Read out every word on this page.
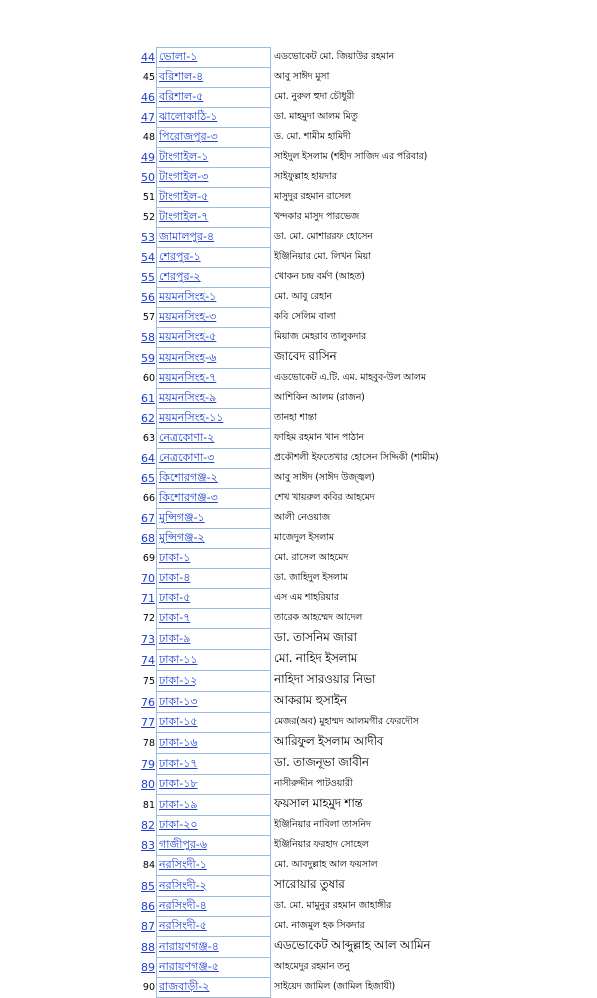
44	ভোলা-১	এডভোকেট মো. জিয়াউর রহমান
45	বরিশাল-৪	আবু সাঈদ মুসা
46	বরিশাল-৫	মো. নুরুল হুদা চৌধুরী
47	ঝালোকাঠি-১	ডা. মাহমুদা আলম মিতু
48	পিরোজপুর-৩	ড. মো. শামীম হামিদী
49	টাংগাইল-১	সাইদুল ইসলাম (শহীদ সাজিদ এর পরিবার)
50	টাংগাইল-৩	সাইফুল্লাহ হায়দার
51	টাংগাইল-৫	মাসুদুর রহমান রাসেল
52	টাংগাইল-৭	খন্দকার মাসুদ পারভেজ
53	জামালপুর-৪	ডা. মো. মোশাররফ হোসেন
54	শেরপুর-১	ইঞ্জিনিয়ার মো. লিখন মিয়া
55	শেরপুর-২	খোকন চন্দ্র বর্মণ (আহত)
56	ময়মনসিংহ-১	মো. আবু রেহান
57	ময়মনসিংহ-৩	কবি সেলিম বালা
58	ময়মনসিংহ-৫	মিয়াজ মেহরাব তালুকদার
59	ময়মনসিংহ-৬	জাবেদ রাসিন
60	ময়মনসিংহ-৭	এডভোকেট এ.টি. এম. মাহবুব-উল আলম
61	ময়মনসিংহ-৯	আশিকিন আলম (রাজন)
62	ময়মনসিংহ-১১	তানহা শান্তা
63	নেত্রকোণা-২	ফাহিম রহমান খান পাঠান
64	নেত্রকোণা-৩	প্রকৌশলী ইফতেখার হোসেন সিদ্দিকী (শামীম)
65	কিশোরগঞ্জ-২	আবু সাঈদ (সাঈদ উজ্জ্বল)
66	কিশোরগঞ্জ-৩	শেখ খায়রুল কবির আহমেদ
67	মুন্সিগঞ্জ-১	আলী নেওয়াজ
68	মুন্সিগঞ্জ-২	মাজেদুল ইসলাম
69	ঢাকা-১	মো. রাসেল আহমেদ
70	ঢাকা-৪	ডা. জাহিদুল ইসলাম
71	ঢাকা-৫	এস এম শাহরিয়ার
72	ঢাকা-৭	তারেক আহম্মেদ আদেল
73	ঢাকা-৯	ডা. তাসনিম জারা
74	ঢাকা-১১	মো. নাহিদ ইসলাম
75	ঢাকা-১২	নাহিদা সারওয়ার নিভা
76	ঢাকা-১৩	আকরাম হুসাইন
77	ঢাকা-১৫	মেজর(অব) মুহাম্মদ আলমগীর ফেরদৌস
78	ঢাকা-১৬	আরিফুল ইসলাম আদীব
79	ঢাকা-১৭	ডা. তাজনূভা জাবীন
80	ঢাকা-১৮	নাসীরুদ্দীন পাটওয়ারী
81	ঢাকা-১৯	ফয়সাল মাহমুদ শান্ত
82	ঢাকা-২০	ইঞ্জিনিয়ার নাবিলা তাসনিদ
83	গাজীপুর-৬	ইঞ্জিনিয়ার ফরহাদ সোহেল
84	নরসিংদী-১	মো. আবদুল্লাহ আল ফয়সাল
85	নরসিংদী-২	সারোয়ার তুষার
86	নরসিংদী-৪	ডা. মো. মামুনুর রহমান জাহাঙ্গীর
87	নরসিংদী-৫	মো. নাজমুল হক সিকদার
88	নারায়ণগঞ্জ-৪	এডভোকেট আব্দুল্লাহ আল আমিন
89	নারায়ণগঞ্জ-৫	আহমেদুর রহমান তনু
90	রাজবাড়ী-২	সাইয়েদ জামিল (জামিল হিজাযী)
